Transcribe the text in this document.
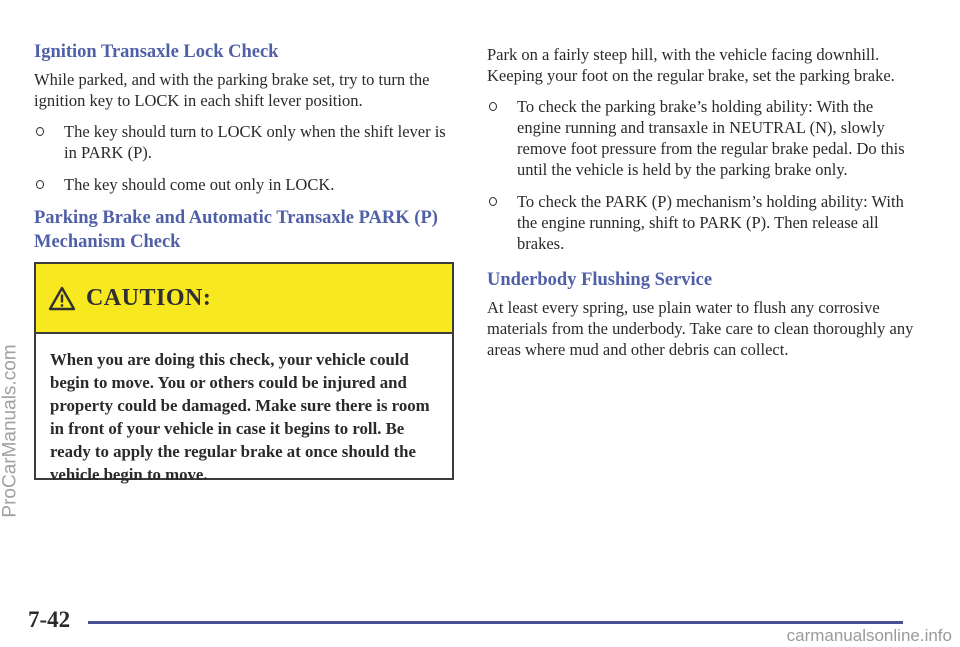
Ignition Transaxle Lock Check

While parked, and with the parking brake set, try to turn the ignition key to LOCK in each shift lever position.

The key should turn to LOCK only when the shift lever is in PARK (P).
The key should come out only in LOCK.
Parking Brake and Automatic Transaxle PARK (P)
Mechanism Check
CAUTION:
When you are doing this check, your vehicle could begin to move. You or others could be injured and property could be damaged. Make sure there is room in front of your vehicle in case it begins to roll. Be ready to apply the regular brake at once should the vehicle begin to move.

Park on a fairly steep hill, with the vehicle facing downhill. Keeping your foot on the regular brake, set the parking brake.

To check the parking brake’s holding ability: With the engine running and transaxle in NEUTRAL (N), slowly remove foot pressure from the regular brake pedal. Do this until the vehicle is held by the parking brake only.
To check the PARK (P) mechanism’s holding ability: With the engine running, shift to PARK (P). Then release all brakes.
Underbody Flushing Service

At least every spring, use plain water to flush any corrosive materials from the underbody. Take care to clean thoroughly any areas where mud and other debris can collect.

7-42
carmanualsonline.info
ProCarManuals.com
